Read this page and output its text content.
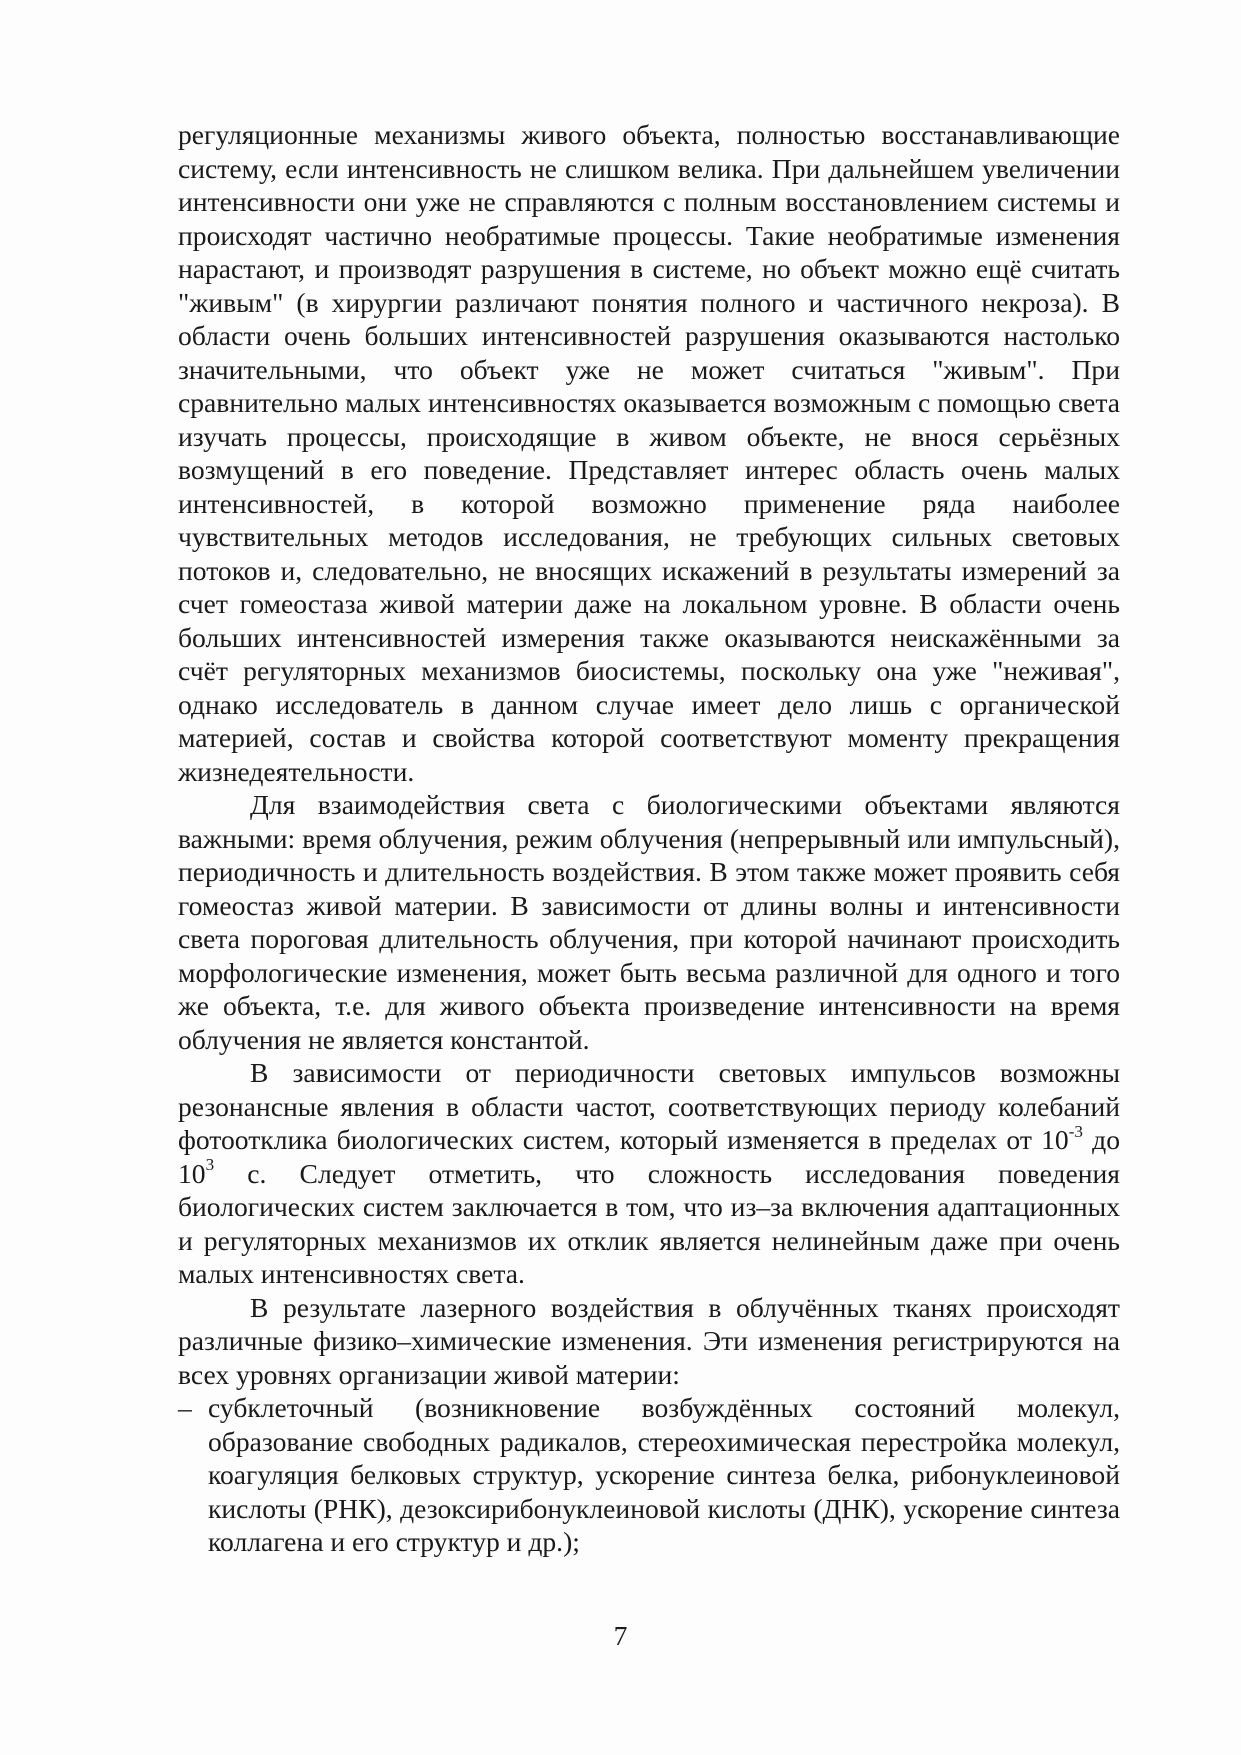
регуляционные механизмы живого объекта, полностью восстанавливающие систему, если интенсивность не слишком велика. При дальнейшем увеличении интенсивности они уже не справляются с полным восстановлением системы и происходят частично необратимые процессы. Такие необратимые изменения нарастают, и производят разрушения в системе, но объект можно ещё считать "живым" (в хирургии различают понятия полного и частичного некроза). В области очень больших интенсивностей разрушения оказываются настолько значительными, что объект уже не может считаться "живым". При сравнительно малых интенсивностях оказывается возможным с помощью света изучать процессы, происходящие в живом объекте, не внося серьёзных возмущений в его поведение. Представляет интерес область очень малых интенсивностей, в которой возможно применение ряда наиболее чувствительных методов исследования, не требующих сильных световых потоков и, следовательно, не вносящих искажений в результаты измерений за счет гомеостаза живой материи даже на локальном уровне. В области очень больших интенсивностей измерения также оказываются неискажёнными за счёт регуляторных механизмов биосистемы, поскольку она уже "неживая", однако исследователь в данном случае имеет дело лишь с органической материей, состав и свойства которой соответствуют моменту прекращения жизнедеятельности.

Для взаимодействия света с биологическими объектами являются важными: время облучения, режим облучения (непрерывный или импульсный), периодичность и длительность воздействия. В этом также может проявить себя гомеостаз живой материи. В зависимости от длины волны и интенсивности света пороговая длительность облучения, при которой начинают происходить морфологические изменения, может быть весьма различной для одного и того же объекта, т.е. для живого объекта произведение интенсивности на время облучения не является константой.

В зависимости от периодичности световых импульсов возможны резонансные явления в области частот, соответствующих периоду колебаний фотоотклика биологических систем, который изменяется в пределах от $10^{-3}$ до $10^3$ с. Следует отметить, что сложность исследования поведения биологических систем заключается в том, что из–за включения адаптационных и регуляторных механизмов их отклик является нелинейным даже при очень малых интенсивностях света.

В результате лазерного воздействия в облучённых тканях происходят различные физико–химические изменения. Эти изменения регистрируются на всех уровнях организации живой материи:

– субклеточный (возникновение возбуждённых состояний молекул, образование свободных радикалов, стереохимическая перестройка молекул, коагуляция белковых структур, ускорение синтеза белка, рибонуклеиновой кислоты (РНК), дезоксирибонуклеиновой кислоты (ДНК), ускорение синтеза коллагена и его структур и др.);
7
